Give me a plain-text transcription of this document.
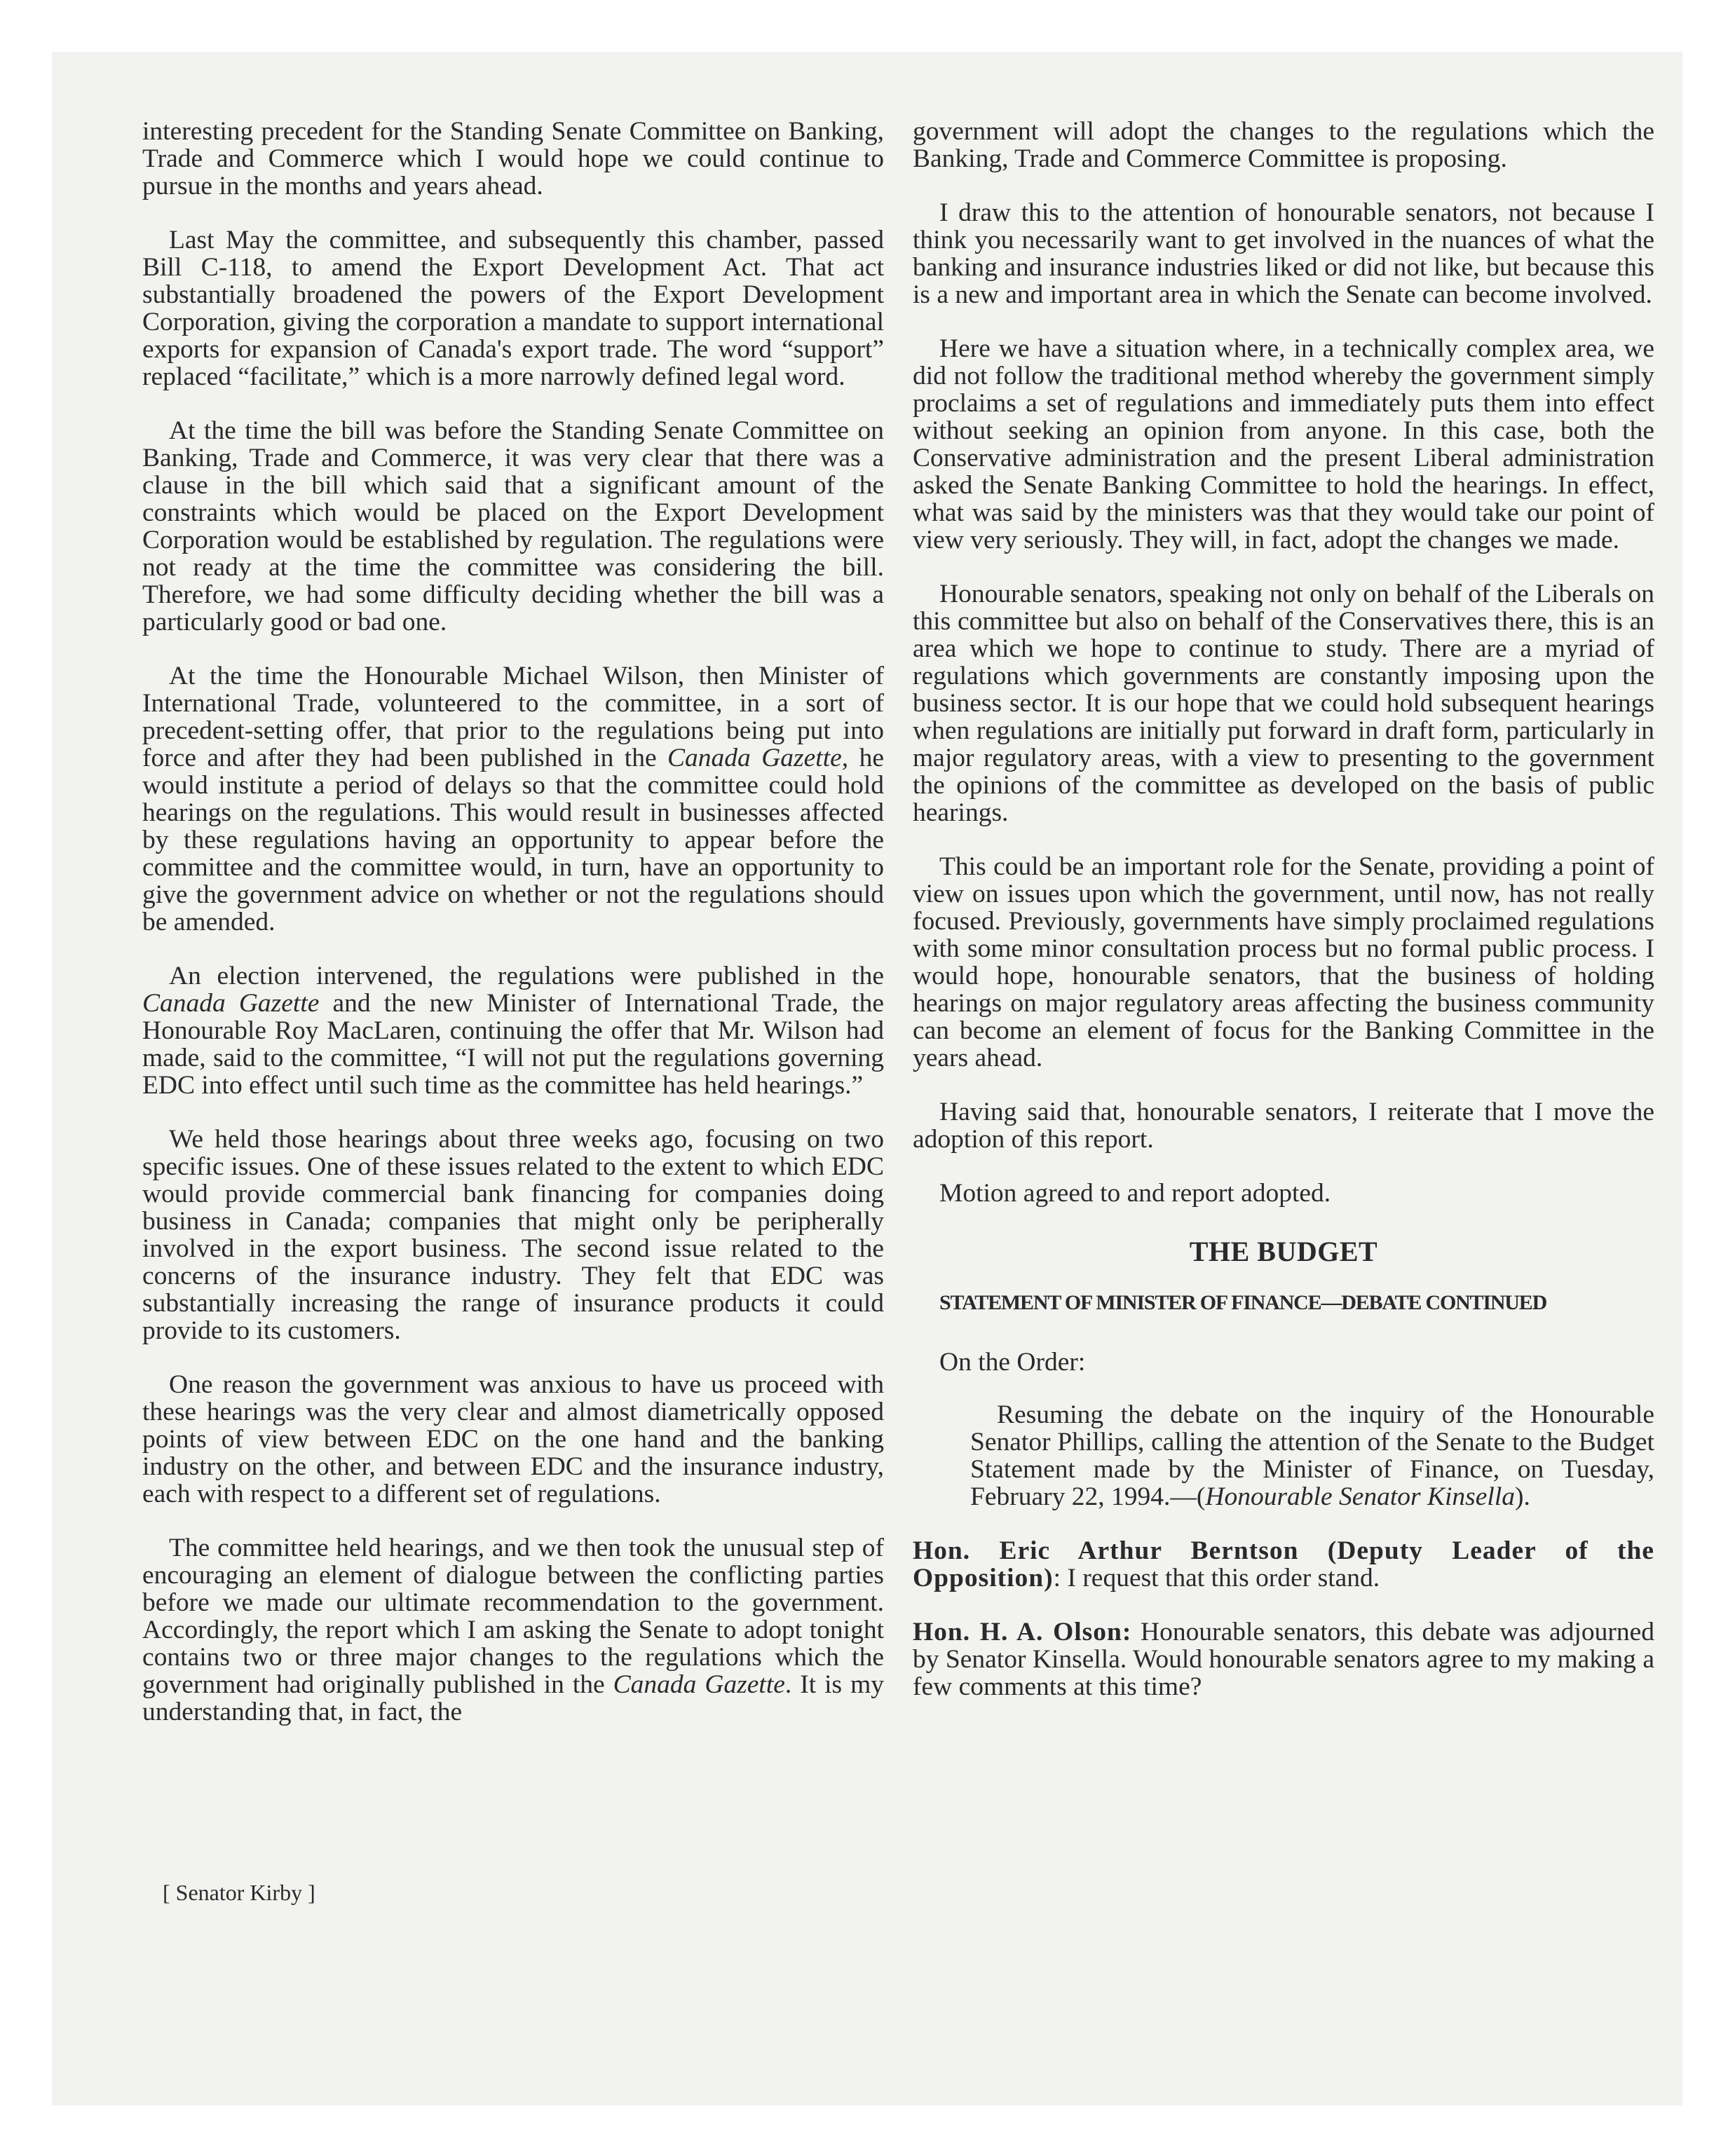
interesting precedent for the Standing Senate Committee on Banking, Trade and Commerce which I would hope we could continue to pursue in the months and years ahead.

Last May the committee, and subsequently this chamber, passed Bill C-118, to amend the Export Development Act. That act substantially broadened the powers of the Export Development Corporation, giving the corporation a mandate to support international exports for expansion of Canada's export trade. The word “support” replaced “facilitate,” which is a more narrowly defined legal word.

At the time the bill was before the Standing Senate Committee on Banking, Trade and Commerce, it was very clear that there was a clause in the bill which said that a significant amount of the constraints which would be placed on the Export Development Corporation would be established by regulation. The regulations were not ready at the time the committee was considering the bill. Therefore, we had some difficulty deciding whether the bill was a particularly good or bad one.

At the time the Honourable Michael Wilson, then Minister of International Trade, volunteered to the committee, in a sort of precedent-setting offer, that prior to the regulations being put into force and after they had been published in the Canada Gazette, he would institute a period of delays so that the committee could hold hearings on the regulations. This would result in businesses affected by these regulations having an opportunity to appear before the committee and the committee would, in turn, have an opportunity to give the government advice on whether or not the regulations should be amended.

An election intervened, the regulations were published in the Canada Gazette and the new Minister of International Trade, the Honourable Roy MacLaren, continuing the offer that Mr. Wilson had made, said to the committee, “I will not put the regulations governing EDC into effect until such time as the committee has held hearings.”

We held those hearings about three weeks ago, focusing on two specific issues. One of these issues related to the extent to which EDC would provide commercial bank financing for companies doing business in Canada; companies that might only be peripherally involved in the export business. The second issue related to the concerns of the insurance industry. They felt that EDC was substantially increasing the range of insurance products it could provide to its customers.

One reason the government was anxious to have us proceed with these hearings was the very clear and almost diametrically opposed points of view between EDC on the one hand and the banking industry on the other, and between EDC and the insurance industry, each with respect to a different set of regulations.

The committee held hearings, and we then took the unusual step of encouraging an element of dialogue between the conflicting parties before we made our ultimate recommendation to the government. Accordingly, the report which I am asking the Senate to adopt tonight contains two or three major changes to the regulations which the government had originally published in the Canada Gazette. It is my understanding that, in fact, the

government will adopt the changes to the regulations which the Banking, Trade and Commerce Committee is proposing.

I draw this to the attention of honourable senators, not because I think you necessarily want to get involved in the nuances of what the banking and insurance industries liked or did not like, but because this is a new and important area in which the Senate can become involved.

Here we have a situation where, in a technically complex area, we did not follow the traditional method whereby the government simply proclaims a set of regulations and immediately puts them into effect without seeking an opinion from anyone. In this case, both the Conservative administration and the present Liberal administration asked the Senate Banking Committee to hold the hearings. In effect, what was said by the ministers was that they would take our point of view very seriously. They will, in fact, adopt the changes we made.

Honourable senators, speaking not only on behalf of the Liberals on this committee but also on behalf of the Conservatives there, this is an area which we hope to continue to study. There are a myriad of regulations which governments are constantly imposing upon the business sector. It is our hope that we could hold subsequent hearings when regulations are initially put forward in draft form, particularly in major regulatory areas, with a view to presenting to the government the opinions of the committee as developed on the basis of public hearings.

This could be an important role for the Senate, providing a point of view on issues upon which the government, until now, has not really focused. Previously, governments have simply proclaimed regulations with some minor consultation process but no formal public process. I would hope, honourable senators, that the business of holding hearings on major regulatory areas affecting the business community can become an element of focus for the Banking Committee in the years ahead.

Having said that, honourable senators, I reiterate that I move the adoption of this report.

Motion agreed to and report adopted.

THE BUDGET
STATEMENT OF MINISTER OF FINANCE—DEBATE CONTINUED

On the Order:

Resuming the debate on the inquiry of the Honourable Senator Phillips, calling the attention of the Senate to the Budget Statement made by the Minister of Finance, on Tuesday, February 22, 1994.—(Honourable Senator Kinsella).

Hon. Eric Arthur Berntson (Deputy Leader of the Opposition): I request that this order stand.

Hon. H. A. Olson: Honourable senators, this debate was adjourned by Senator Kinsella. Would honourable senators agree to my making a few comments at this time?

[ Senator Kirby ]
